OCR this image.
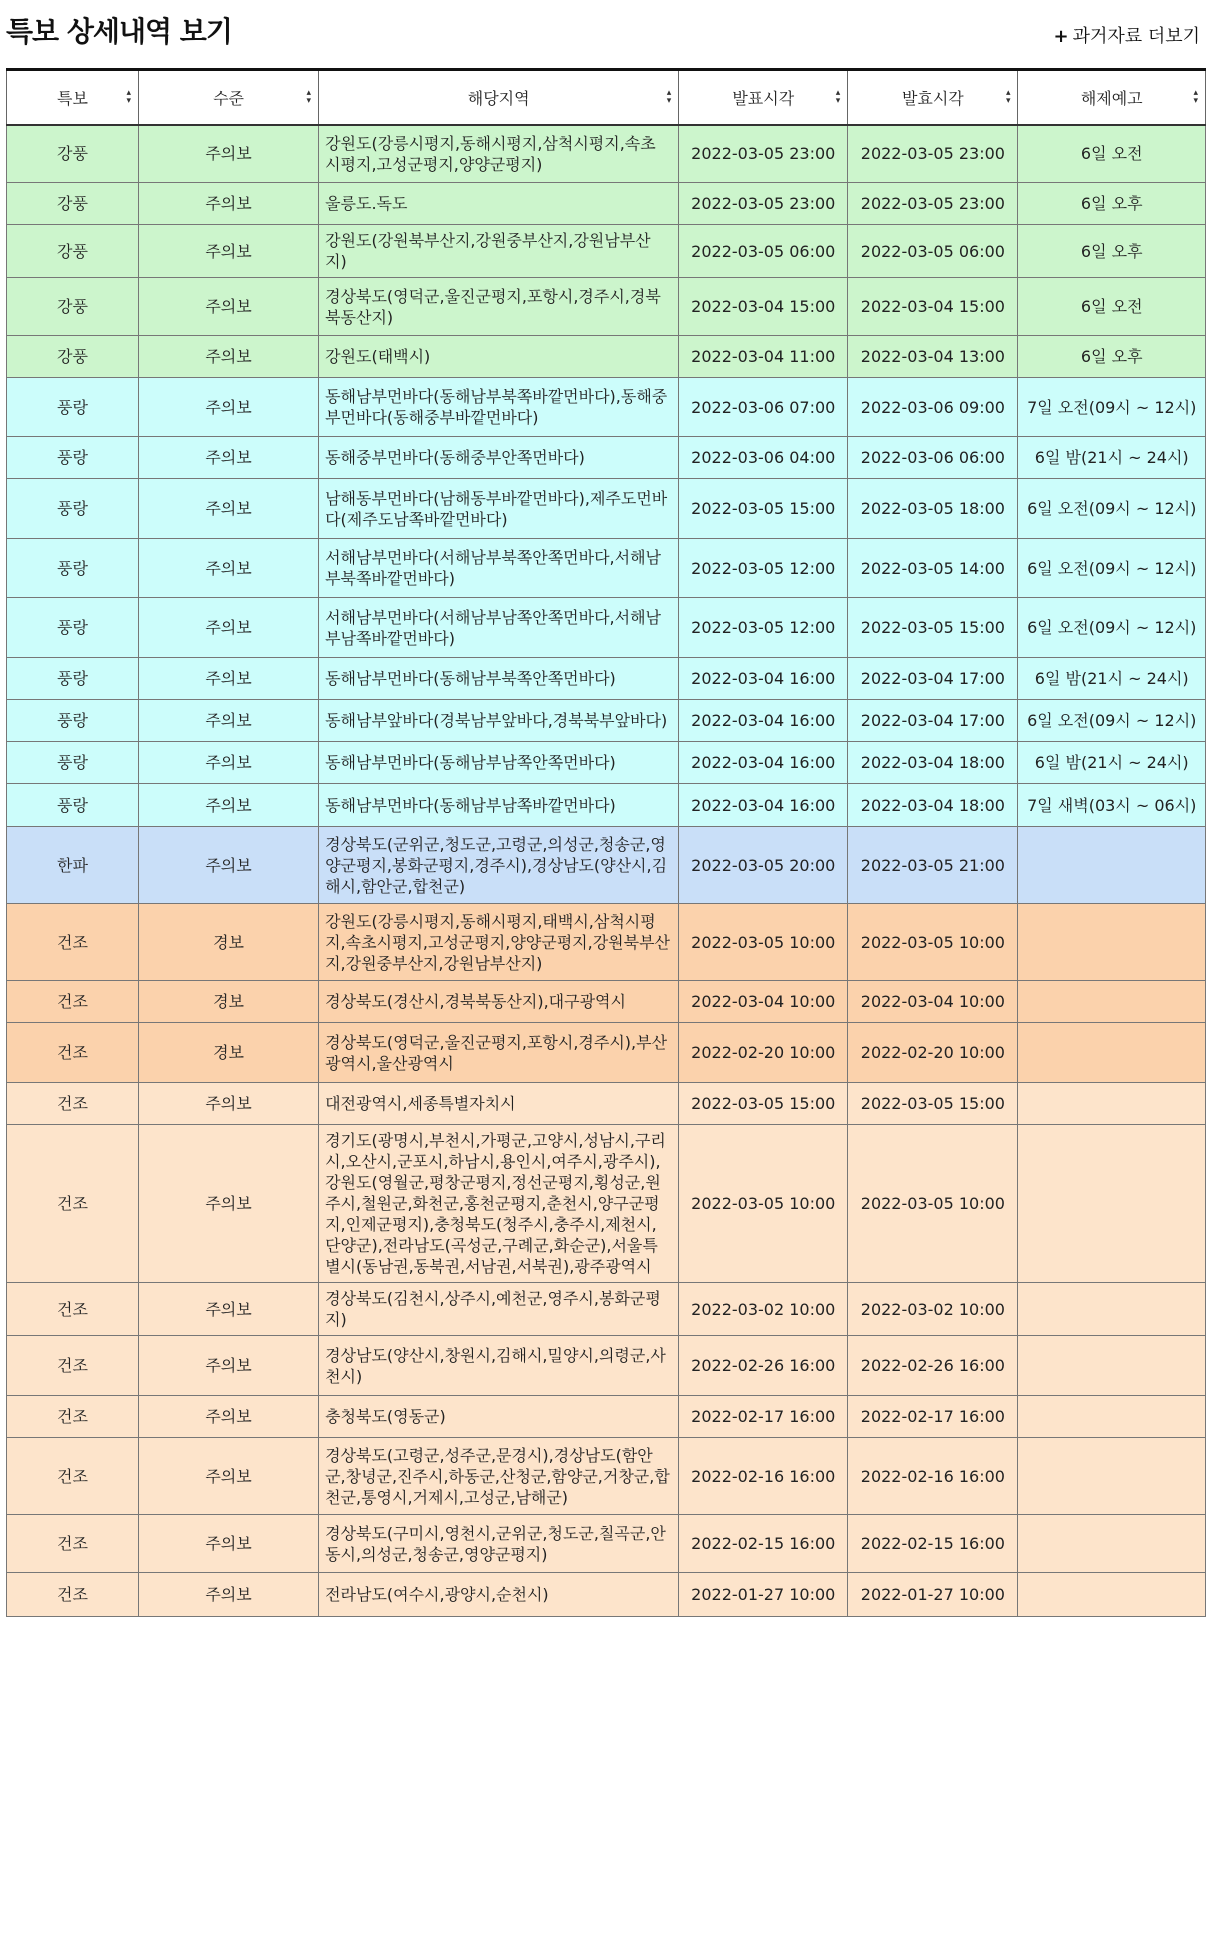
특보 상세내역 보기	+ 과거자료 더보기
특보 ▴
▾	수준 ▴
▾	해당지역 ▴
▾	발표시각 ▴
▾	발효시각 ▴
▾	해제예고 ▴
▾

강풍	주의보	강원도(강릉시평지,동해시평지,삼척시평지,속초시평지,고성군평지,양양군평지)	2022-03-05 23:00	2022-03-05 23:00	6일 오전
강풍	주의보	울릉도.독도	2022-03-05 23:00	2022-03-05 23:00	6일 오후
강풍	주의보	강원도(강원북부산지,강원중부산지,강원남부산지)	2022-03-05 06:00	2022-03-05 06:00	6일 오후
강풍	주의보	경상북도(영덕군,울진군평지,포항시,경주시,경북북동산지)	2022-03-04 15:00	2022-03-04 15:00	6일 오전
강풍	주의보	강원도(태백시)	2022-03-04 11:00	2022-03-04 13:00	6일 오후
풍랑	주의보	동해남부먼바다(동해남부북쪽바깥먼바다),동해중부먼바다(동해중부바깥먼바다)	2022-03-06 07:00	2022-03-06 09:00	7일 오전(09시 ~ 12시)
풍랑	주의보	동해중부먼바다(동해중부안쪽먼바다)	2022-03-06 04:00	2022-03-06 06:00	6일 밤(21시 ~ 24시)
풍랑	주의보	남해동부먼바다(남해동부바깥먼바다),제주도먼바다(제주도남쪽바깥먼바다)	2022-03-05 15:00	2022-03-05 18:00	6일 오전(09시 ~ 12시)
풍랑	주의보	서해남부먼바다(서해남부북쪽안쪽먼바다,서해남부북쪽바깥먼바다)	2022-03-05 12:00	2022-03-05 14:00	6일 오전(09시 ~ 12시)
풍랑	주의보	서해남부먼바다(서해남부남쪽안쪽먼바다,서해남부남쪽바깥먼바다)	2022-03-05 12:00	2022-03-05 15:00	6일 오전(09시 ~ 12시)
풍랑	주의보	동해남부먼바다(동해남부북쪽안쪽먼바다)	2022-03-04 16:00	2022-03-04 17:00	6일 밤(21시 ~ 24시)
풍랑	주의보	동해남부앞바다(경북남부앞바다,경북북부앞바다)	2022-03-04 16:00	2022-03-04 17:00	6일 오전(09시 ~ 12시)
풍랑	주의보	동해남부먼바다(동해남부남쪽안쪽먼바다)	2022-03-04 16:00	2022-03-04 18:00	6일 밤(21시 ~ 24시)
풍랑	주의보	동해남부먼바다(동해남부남쪽바깥먼바다)	2022-03-04 16:00	2022-03-04 18:00	7일 새벽(03시 ~ 06시)
한파	주의보	경상북도(군위군,청도군,고령군,의성군,청송군,영양군평지,봉화군평지,경주시),경상남도(양산시,김해시,함안군,합천군)	2022-03-05 20:00	2022-03-05 21:00	
건조	경보	강원도(강릉시평지,동해시평지,태백시,삼척시평지,속초시평지,고성군평지,양양군평지,강원북부산지,강원중부산지,강원남부산지)	2022-03-05 10:00	2022-03-05 10:00	
건조	경보	경상북도(경산시,경북북동산지),대구광역시	2022-03-04 10:00	2022-03-04 10:00	
건조	경보	경상북도(영덕군,울진군평지,포항시,경주시),부산광역시,울산광역시	2022-02-20 10:00	2022-02-20 10:00	
건조	주의보	대전광역시,세종특별자치시	2022-03-05 15:00	2022-03-05 15:00	
건조	주의보	경기도(광명시,부천시,가평군,고양시,성남시,구리시,오산시,군포시,하남시,용인시,여주시,광주시),강원도(영월군,평창군평지,정선군평지,횡성군,원주시,철원군,화천군,홍천군평지,춘천시,양구군평지,인제군평지),충청북도(청주시,충주시,제천시,단양군),전라남도(곡성군,구례군,화순군),서울특별시(동남권,동북권,서남권,서북권),광주광역시	2022-03-05 10:00	2022-03-05 10:00	
건조	주의보	경상북도(김천시,상주시,예천군,영주시,봉화군평지)	2022-03-02 10:00	2022-03-02 10:00	
건조	주의보	경상남도(양산시,창원시,김해시,밀양시,의령군,사천시)	2022-02-26 16:00	2022-02-26 16:00	
건조	주의보	충청북도(영동군)	2022-02-17 16:00	2022-02-17 16:00	
건조	주의보	경상북도(고령군,성주군,문경시),경상남도(함안군,창녕군,진주시,하동군,산청군,함양군,거창군,합천군,통영시,거제시,고성군,남해군)	2022-02-16 16:00	2022-02-16 16:00	
건조	주의보	경상북도(구미시,영천시,군위군,청도군,칠곡군,안동시,의성군,청송군,영양군평지)	2022-02-15 16:00	2022-02-15 16:00	
건조	주의보	전라남도(여수시,광양시,순천시)	2022-01-27 10:00	2022-01-27 10:00	
